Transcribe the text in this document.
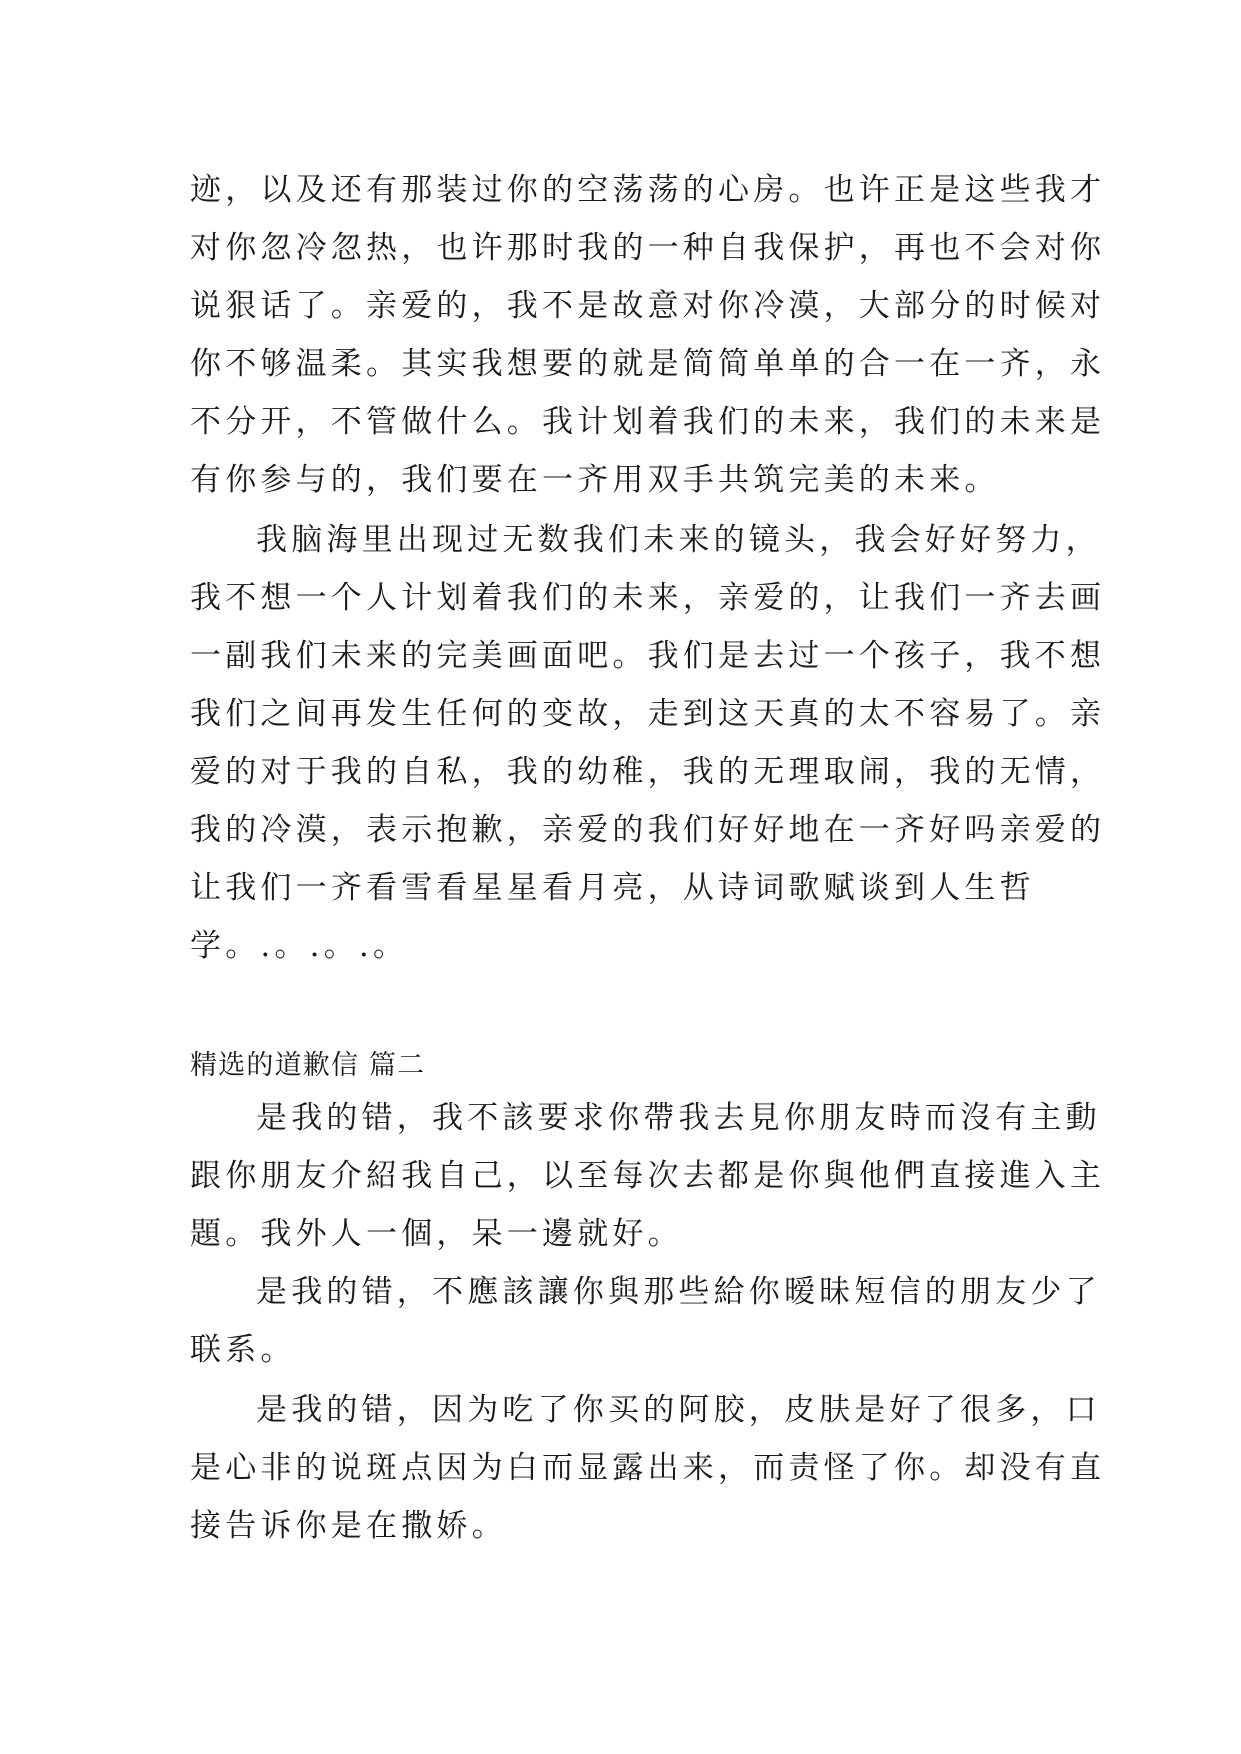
迹，以及还有那装过你的空荡荡的心房。也许正是这些我才
对你忽冷忽热，也许那时我的一种自我保护，再也不会对你
说狠话了。亲爱的，我不是故意对你冷漠，大部分的时候对
你不够温柔。其实我想要的就是简简单单的合一在一齐，永
不分开，不管做什么。我计划着我们的未来，我们的未来是
有你参与的，我们要在一齐用双手共筑完美的未来。
我脑海里出现过无数我们未来的镜头，我会好好努力，
我不想一个人计划着我们的未来，亲爱的，让我们一齐去画
一副我们未来的完美画面吧。我们是去过一个孩子，我不想
我们之间再发生任何的变故，走到这天真的太不容易了。亲
爱的对于我的自私，我的幼稚，我的无理取闹，我的无情，
我的冷漠，表示抱歉，亲爱的我们好好地在一齐好吗亲爱的
让我们一齐看雪看星星看月亮，从诗词歌赋谈到人生哲
学。.。.。.。
精选的道歉信 篇二
是我的错，我不該要求你帶我去見你朋友時而沒有主動
跟你朋友介紹我自己，以至每次去都是你與他們直接進入主
題。我外人一個，呆一邊就好。
是我的错，不應該讓你與那些給你暧昧短信的朋友少了
联系。
是我的错，因为吃了你买的阿胶，皮肤是好了很多，口
是心非的说斑点因为白而显露出来，而责怪了你。却没有直
接告诉你是在撒娇。
